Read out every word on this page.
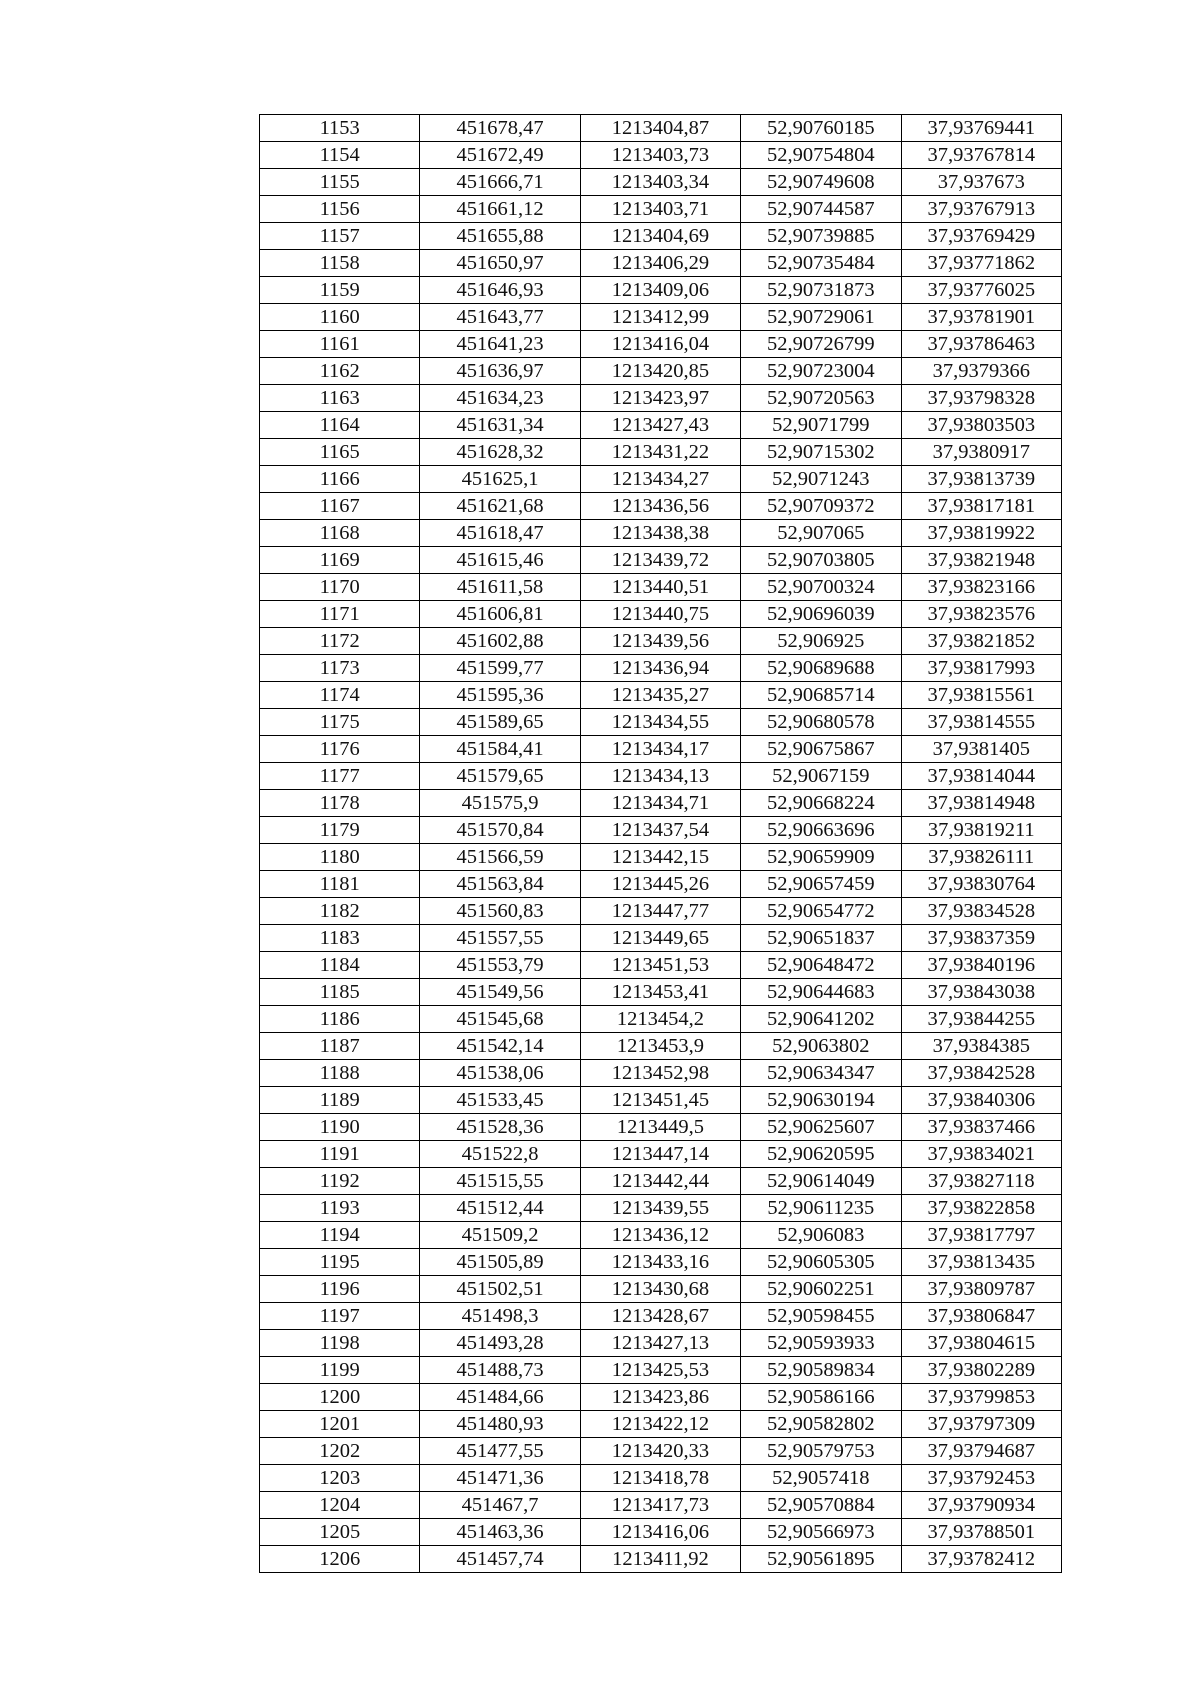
1153	451678,47	1213404,87	52,90760185	37,93769441
1154	451672,49	1213403,73	52,90754804	37,93767814
1155	451666,71	1213403,34	52,90749608	37,937673
1156	451661,12	1213403,71	52,90744587	37,93767913
1157	451655,88	1213404,69	52,90739885	37,93769429
1158	451650,97	1213406,29	52,90735484	37,93771862
1159	451646,93	1213409,06	52,90731873	37,93776025
1160	451643,77	1213412,99	52,90729061	37,93781901
1161	451641,23	1213416,04	52,90726799	37,93786463
1162	451636,97	1213420,85	52,90723004	37,9379366
1163	451634,23	1213423,97	52,90720563	37,93798328
1164	451631,34	1213427,43	52,9071799	37,93803503
1165	451628,32	1213431,22	52,90715302	37,9380917
1166	451625,1	1213434,27	52,9071243	37,93813739
1167	451621,68	1213436,56	52,90709372	37,93817181
1168	451618,47	1213438,38	52,907065	37,93819922
1169	451615,46	1213439,72	52,90703805	37,93821948
1170	451611,58	1213440,51	52,90700324	37,93823166
1171	451606,81	1213440,75	52,90696039	37,93823576
1172	451602,88	1213439,56	52,906925	37,93821852
1173	451599,77	1213436,94	52,90689688	37,93817993
1174	451595,36	1213435,27	52,90685714	37,93815561
1175	451589,65	1213434,55	52,90680578	37,93814555
1176	451584,41	1213434,17	52,90675867	37,9381405
1177	451579,65	1213434,13	52,9067159	37,93814044
1178	451575,9	1213434,71	52,90668224	37,93814948
1179	451570,84	1213437,54	52,90663696	37,93819211
1180	451566,59	1213442,15	52,90659909	37,93826111
1181	451563,84	1213445,26	52,90657459	37,93830764
1182	451560,83	1213447,77	52,90654772	37,93834528
1183	451557,55	1213449,65	52,90651837	37,93837359
1184	451553,79	1213451,53	52,90648472	37,93840196
1185	451549,56	1213453,41	52,90644683	37,93843038
1186	451545,68	1213454,2	52,90641202	37,93844255
1187	451542,14	1213453,9	52,9063802	37,9384385
1188	451538,06	1213452,98	52,90634347	37,93842528
1189	451533,45	1213451,45	52,90630194	37,93840306
1190	451528,36	1213449,5	52,90625607	37,93837466
1191	451522,8	1213447,14	52,90620595	37,93834021
1192	451515,55	1213442,44	52,90614049	37,93827118
1193	451512,44	1213439,55	52,90611235	37,93822858
1194	451509,2	1213436,12	52,906083	37,93817797
1195	451505,89	1213433,16	52,90605305	37,93813435
1196	451502,51	1213430,68	52,90602251	37,93809787
1197	451498,3	1213428,67	52,90598455	37,93806847
1198	451493,28	1213427,13	52,90593933	37,93804615
1199	451488,73	1213425,53	52,90589834	37,93802289
1200	451484,66	1213423,86	52,90586166	37,93799853
1201	451480,93	1213422,12	52,90582802	37,93797309
1202	451477,55	1213420,33	52,90579753	37,93794687
1203	451471,36	1213418,78	52,9057418	37,93792453
1204	451467,7	1213417,73	52,90570884	37,93790934
1205	451463,36	1213416,06	52,90566973	37,93788501
1206	451457,74	1213411,92	52,90561895	37,93782412
